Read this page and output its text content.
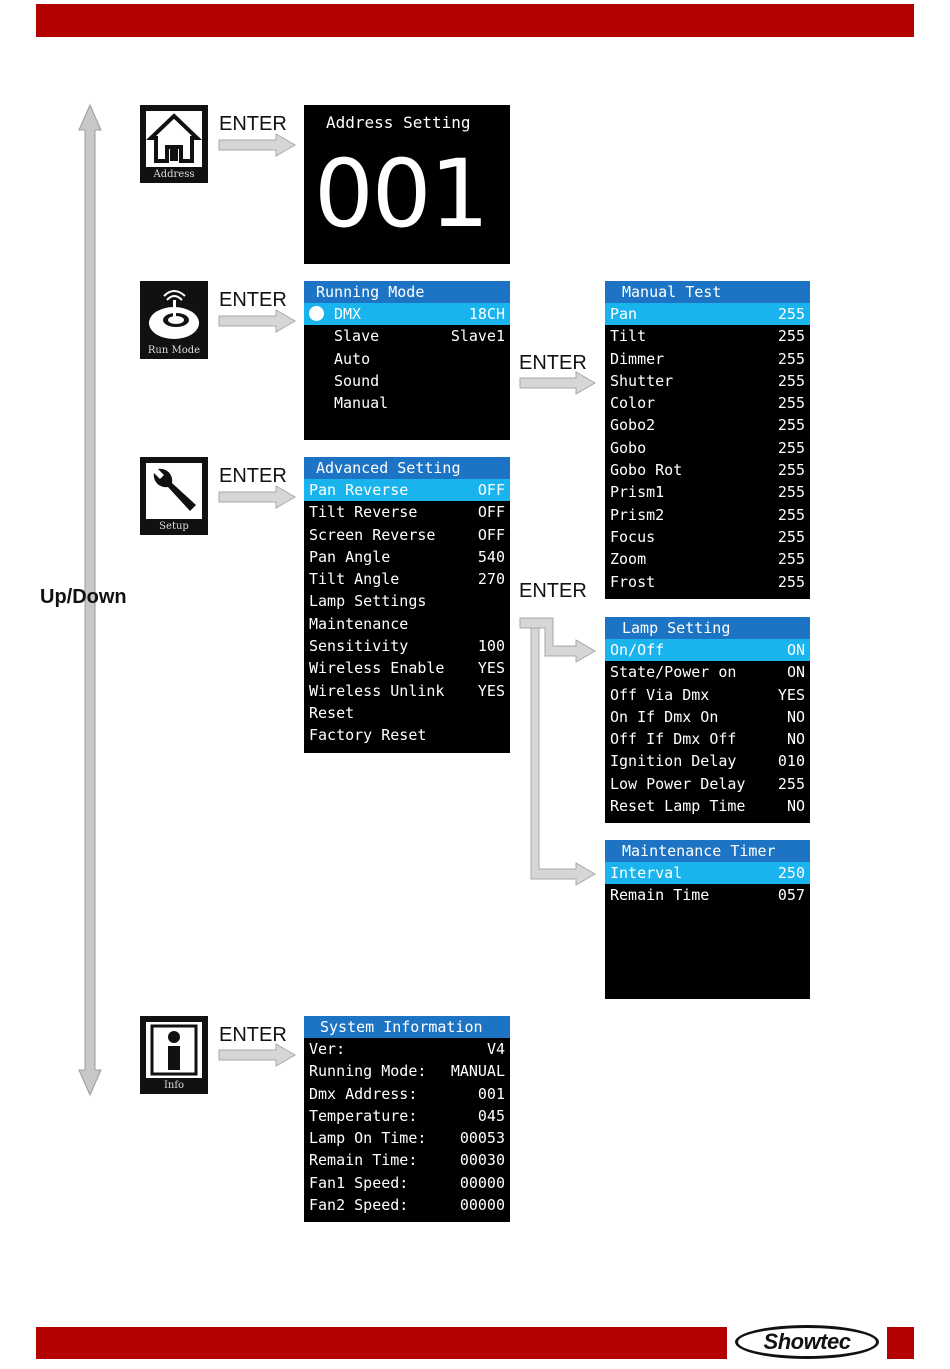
Showtec
ENTER
ENTER
ENTER
ENTER
ENTER
ENTER
Up/Down
Address
Run Mode
Setup
Info
Address Setting
001
Running Mode
DMX	18CH
Slave	Slave1
Auto
Sound
Manual
Advanced Setting
Pan Reverse	OFF
Tilt Reverse	OFF
Screen Reverse	OFF
Pan Angle	540
Tilt Angle	270
Lamp Settings
Maintenance
Sensitivity	100
Wireless Enable YES
Wireless Unlink YES
Reset
Factory Reset
Manual Test
Pan	255
Tilt	255
Dimmer	255
Shutter	255
Color	255
Gobo2	255
Gobo	255
Gobo Rot	255
Prism1	255
Prism2	255
Focus	255
Zoom	255
Frost	255
Lamp Setting
On/Off	ON
State/Power on	ON
Off Via Dmx	YES
On If Dmx On	NO
Off If Dmx Off	NO
Ignition Delay	010
Low Power Delay 255
Reset Lamp Time	NO
Maintenance Timer
Interval	250
Remain Time	057
System Information
Ver:	V4
Running Mode: MANUAL
Dmx Address:	001
Temperature:	045
Lamp On Time: 00053
Remain Time:	00030
Fan1 Speed:	00000
Fan2 Speed:	00000
